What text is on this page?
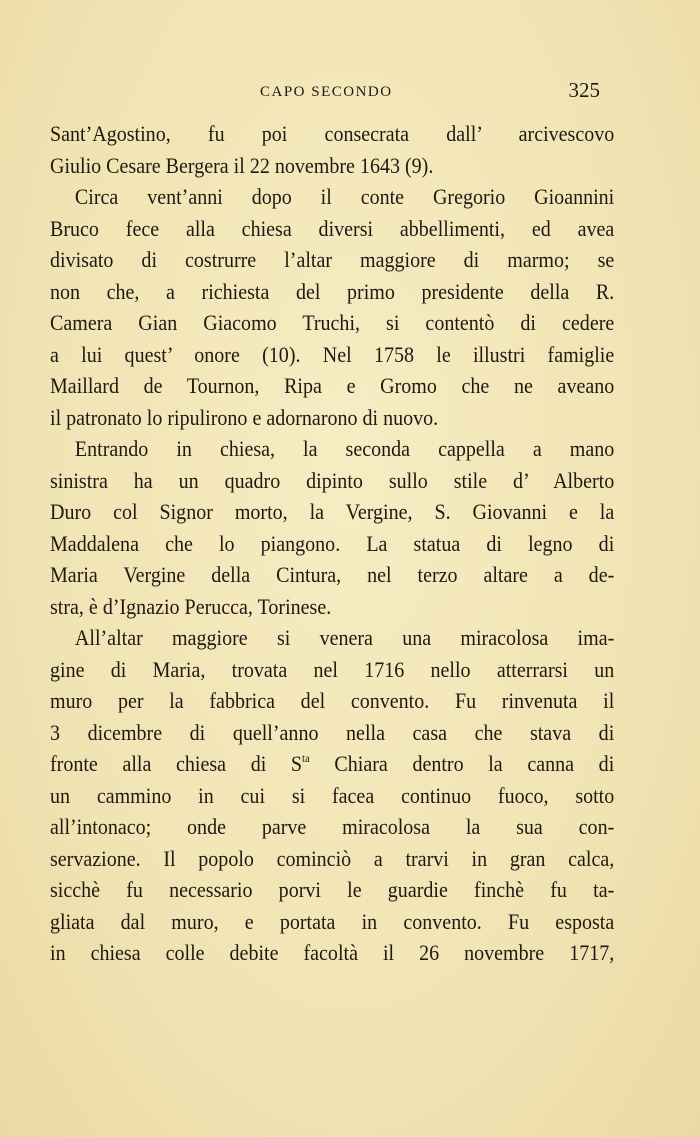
CAPO SECONDO	325
Sant’Agostino, fu poi consecrata dall’ arcivescovo
Giulio Cesare Bergera il 22 novembre 1643 (9).
Circa vent’anni dopo il conte Gregorio Gioannini
Bruco fece alla chiesa diversi abbellimenti, ed avea
divisato di costrurre l’altar maggiore di marmo; se
non che, a richiesta del primo presidente della R.
Camera Gian Giacomo Truchi, si contentò di cedere
a lui quest’ onore (10). Nel 1758 le illustri famiglie
Maillard de Tournon, Ripa e Gromo che ne aveano
il patronato lo ripulirono e adornarono di nuovo.
Entrando in chiesa, la seconda cappella a mano
sinistra ha un quadro dipinto sullo stile d’ Alberto
Duro col Signor morto, la Vergine, S. Giovanni e la
Maddalena che lo piangono. La statua di legno di
Maria Vergine della Cintura, nel terzo altare a de-
stra, è d’Ignazio Perucca, Torinese.
All’altar maggiore si venera una miracolosa ima-
gine di Maria, trovata nel 1716 nello atterrarsi un
muro per la fabbrica del convento. Fu rinvenuta il
3 dicembre di quell’anno nella casa che stava di
fronte alla chiesa di $S^{ta}$ Chiara dentro la canna di
un cammino in cui si facea continuo fuoco, sotto
all’intonaco; onde parve miracolosa la sua con-
servazione. Il popolo cominciò a trarvi in gran calca,
sicchè fu necessario porvi le guardie finchè fu ta-
gliata dal muro, e portata in convento. Fu esposta
in chiesa colle debite facoltà il 26 novembre 1717,
